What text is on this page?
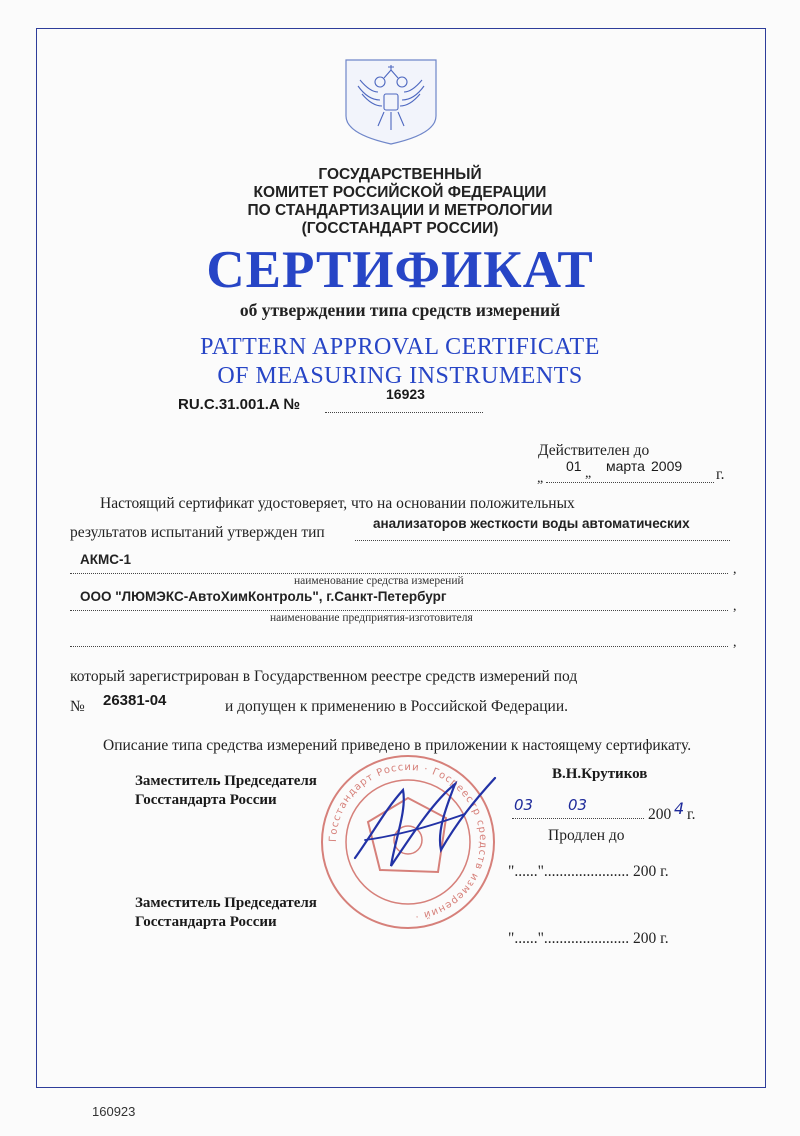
ГОСУДАРСТВЕННЫЙ
КОМИТЕТ РОССИЙСКОЙ ФЕДЕРАЦИИ
ПО СТАНДАРТИЗАЦИИ И МЕТРОЛОГИИ
(ГОССТАНДАРТ РОССИИ)
СЕРТИФИКАТ
об утверждении типа средств измерений
PATTERN APPROVAL CERTIFICATE
OF MEASURING INSTRUMENTS
RU.C.31.001.A №
16923
Действителен до
„
01 „ марта 2009 г.
Настоящий сертификат удостоверяет, что на основании положительных
результатов испытаний утвержден тип
анализаторов жесткости воды автоматических
АКМС-1
,
наименование средства измерений
ООО "ЛЮМЭКС-АвтоХимКонтроль", г.Санкт-Петербург
,
наименование предприятия-изготовителя
,
который зарегистрирован в Государственном реестре средств измерений под
№ 26381-04	и допущен к применению в Российской Федерации.
Описание типа средства измерений приведено в приложении к настоящему сертификату.
Госстандарт России · Госреестр средств измерений ·
Заместитель Председателя
Госстандарта России
В.Н.Крутиков
03 03
200 4 г.
Продлен до
"......"...................... 200 г.
Заместитель Председателя
Госстандарта России
"......"...................... 200 г.
160923
